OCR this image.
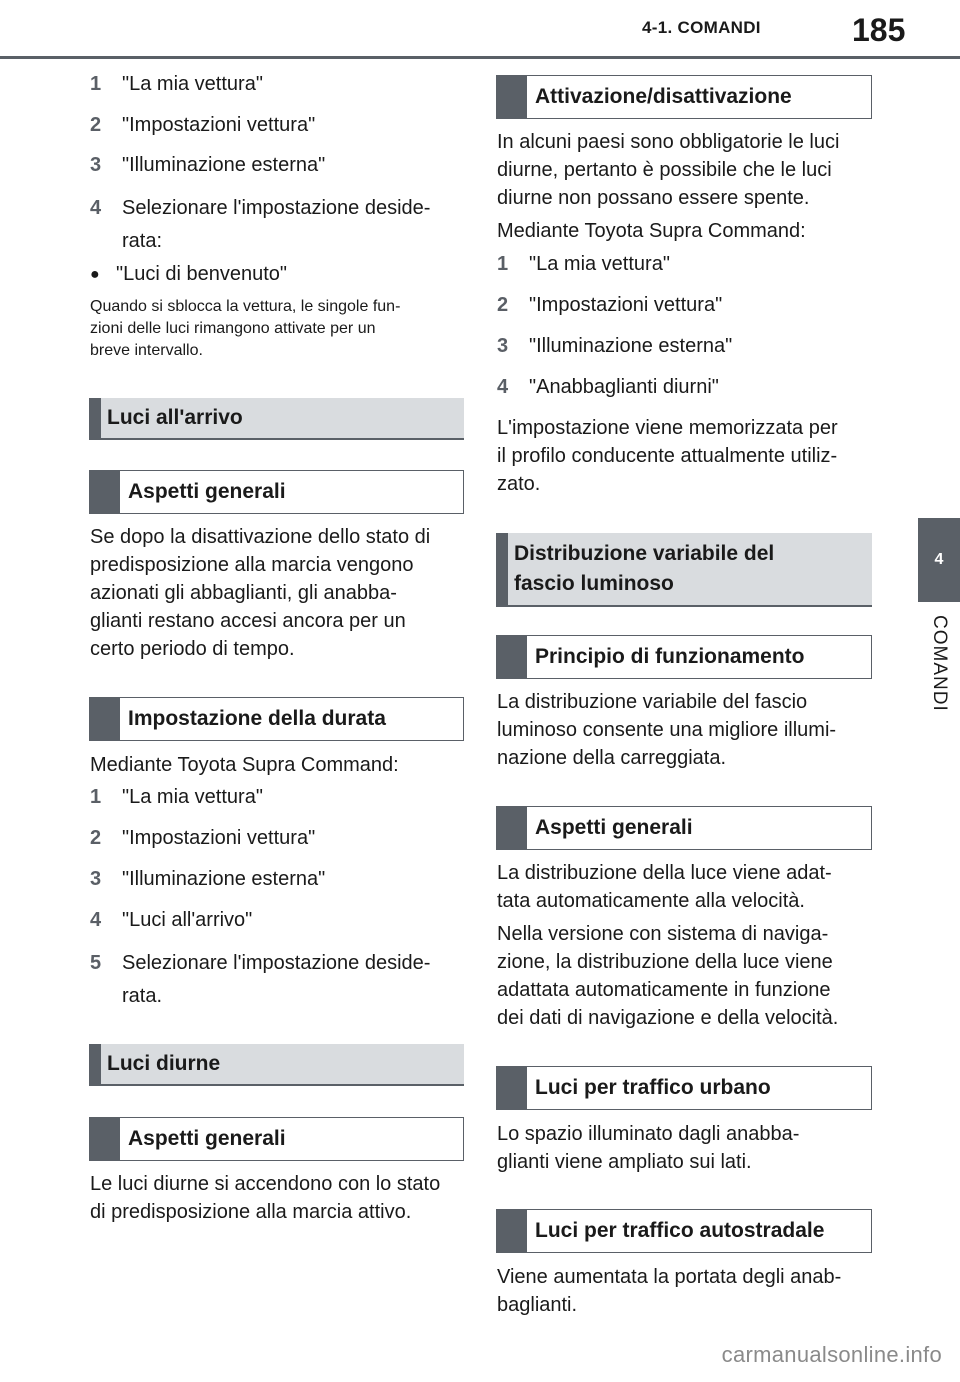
4-1. COMANDI	185
4
COMANDI
1	"La mia vettura"
2	"Impostazioni vettura"
3	"Illuminazione esterna"
4	Selezionare l'impostazione deside-
rata:
● "Luci di benvenuto"
Quando si sblocca la vettura, le singole fun-
zioni delle luci rimangono attivate per un
breve intervallo.
Luci all'arrivo
Aspetti generali
Se dopo la disattivazione dello stato di
predisposizione alla marcia vengono
azionati gli abbaglianti, gli anabba-
glianti restano accesi ancora per un
certo periodo di tempo.
Impostazione della durata
Mediante Toyota Supra Command:
1	"La mia vettura"
2	"Impostazioni vettura"
3	"Illuminazione esterna"
4	"Luci all'arrivo"
5	Selezionare l'impostazione deside-
rata.
Luci diurne
Aspetti generali
Le luci diurne si accendono con lo stato
di predisposizione alla marcia attivo.
Attivazione/disattivazione
In alcuni paesi sono obbligatorie le luci
diurne, pertanto è possibile che le luci
diurne non possano essere spente.
Mediante Toyota Supra Command:
1	"La mia vettura"
2	"Impostazioni vettura"
3	"Illuminazione esterna"
4	"Anabbaglianti diurni"
L'impostazione viene memorizzata per
il profilo conducente attualmente utiliz-
zato.
Distribuzione variabile del
fascio luminoso
Principio di funzionamento
La distribuzione variabile del fascio
luminoso consente una migliore illumi-
nazione della carreggiata.
Aspetti generali
La distribuzione della luce viene adat-
tata automaticamente alla velocità.
Nella versione con sistema di naviga-
zione, la distribuzione della luce viene
adattata automaticamente in funzione
dei dati di navigazione e della velocità.
Luci per traffico urbano
Lo spazio illuminato dagli anabba-
glianti viene ampliato sui lati.
Luci per traffico autostradale
Viene aumentata la portata degli anab-
baglianti.
carmanualsonline.info
